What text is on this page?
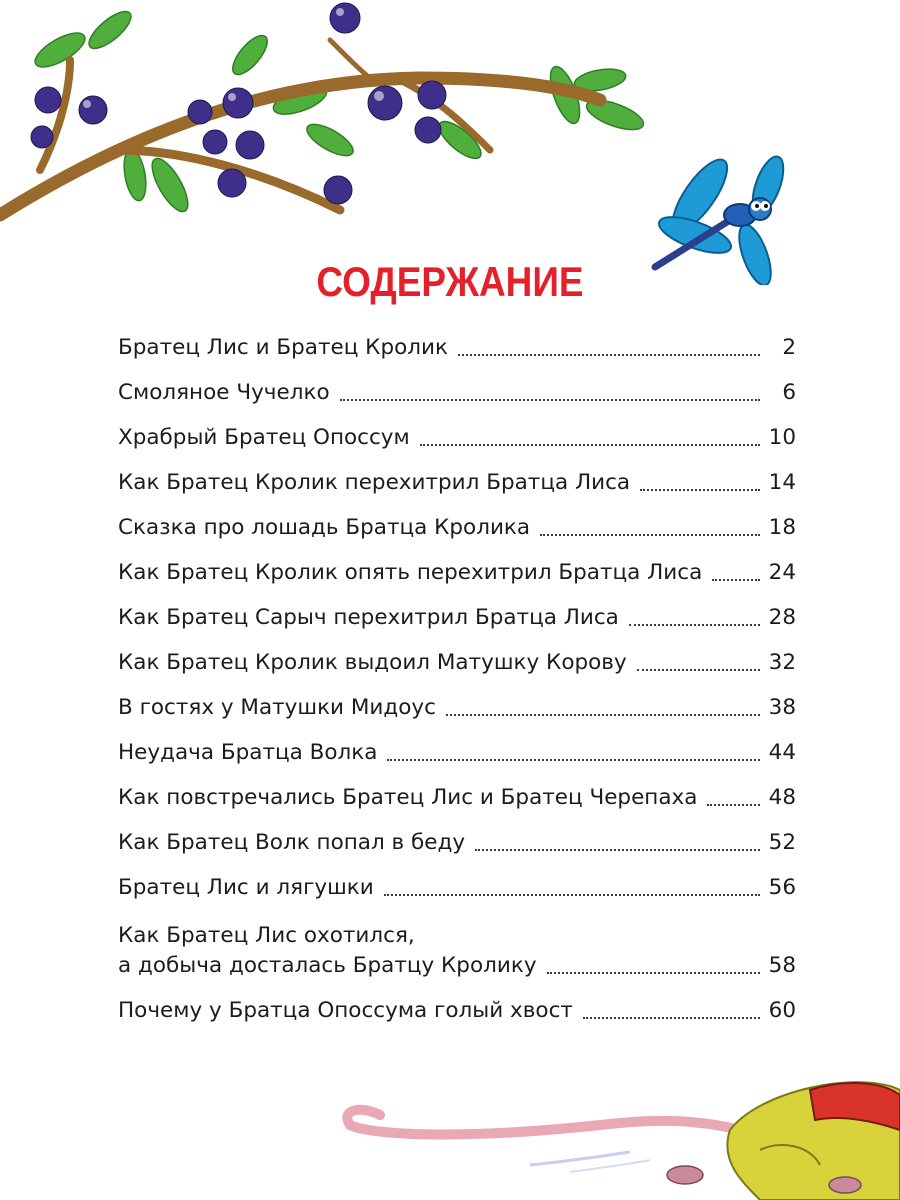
СОДЕРЖАНИЕ
Братец Лис и Братец Кролик	2
Смоляное Чучелко	6
Храбрый Братец Опоссум	10
Как Братец Кролик перехитрил Братца Лиса	14
Сказка про лошадь Братца Кролика	18
Как Братец Кролик опять перехитрил Братца Лиса	24
Как Братец Сарыч перехитрил Братца Лиса	28
Как Братец Кролик выдоил Матушку Корову	32
В гостях у Матушки Мидоус	38
Неудача Братца Волка	44
Как повстречались Братец Лис и Братец Черепаха	48
Как Братец Волк попал в беду	52
Братец Лис и лягушки	56
Как Братец Лис охотился,
а добыча досталась Братцу Кролику	58
Почему у Братца Опоссума голый хвост	60
